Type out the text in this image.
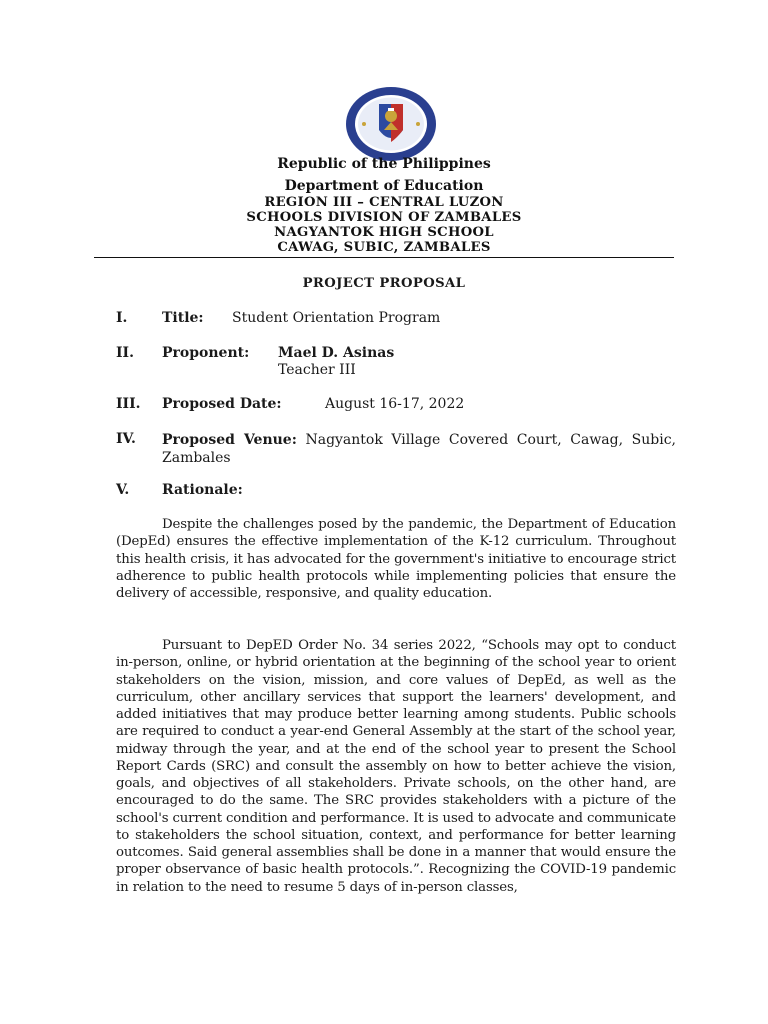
Republic of the Philippines
Department of Education
REGION III – CENTRAL LUZON
SCHOOLS DIVISION OF ZAMBALES
NAGYANTOK HIGH SCHOOL
CAWAG, SUBIC, ZAMBALES
PROJECT PROPOSAL
I. Title: Student Orientation Program
II. Proponent: Mael D. Asinas
Teacher III
III. Proposed Date:	August 16-17, 2022
IV. Proposed Venue: Nagyantok Village Covered Court, Cawag, Subic, Zambales
V. Rationale:

Despite the challenges posed by the pandemic, the Department of Education (DepEd) ensures the effective implementation of the K-12 curriculum. Throughout this health crisis, it has advocated for the government's initiative to encourage strict adherence to public health protocols while implementing policies that ensure the delivery of accessible, responsive, and quality education.

Pursuant to DepED Order No. 34 series 2022, “Schools may opt to conduct in-person, online, or hybrid orientation at the beginning of the school year to orient stakeholders on the vision, mission, and core values of DepEd, as well as the curriculum, other ancillary services that support the learners' development, and added initiatives that may produce better learning among students. Public schools are required to conduct a year-end General Assembly at the start of the school year, midway through the year, and at the end of the school year to present the School Report Cards (SRC) and consult the assembly on how to better achieve the vision, goals, and objectives of all stakeholders. Private schools, on the other hand, are encouraged to do the same. The SRC provides stakeholders with a picture of the school's current condition and performance. It is used to advocate and communicate to stakeholders the school situation, context, and performance for better learning outcomes. Said general assemblies shall be done in a manner that would ensure the proper observance of basic health protocols.”. Recognizing the COVID-19 pandemic in relation to the need to resume 5 days of in-person classes,
